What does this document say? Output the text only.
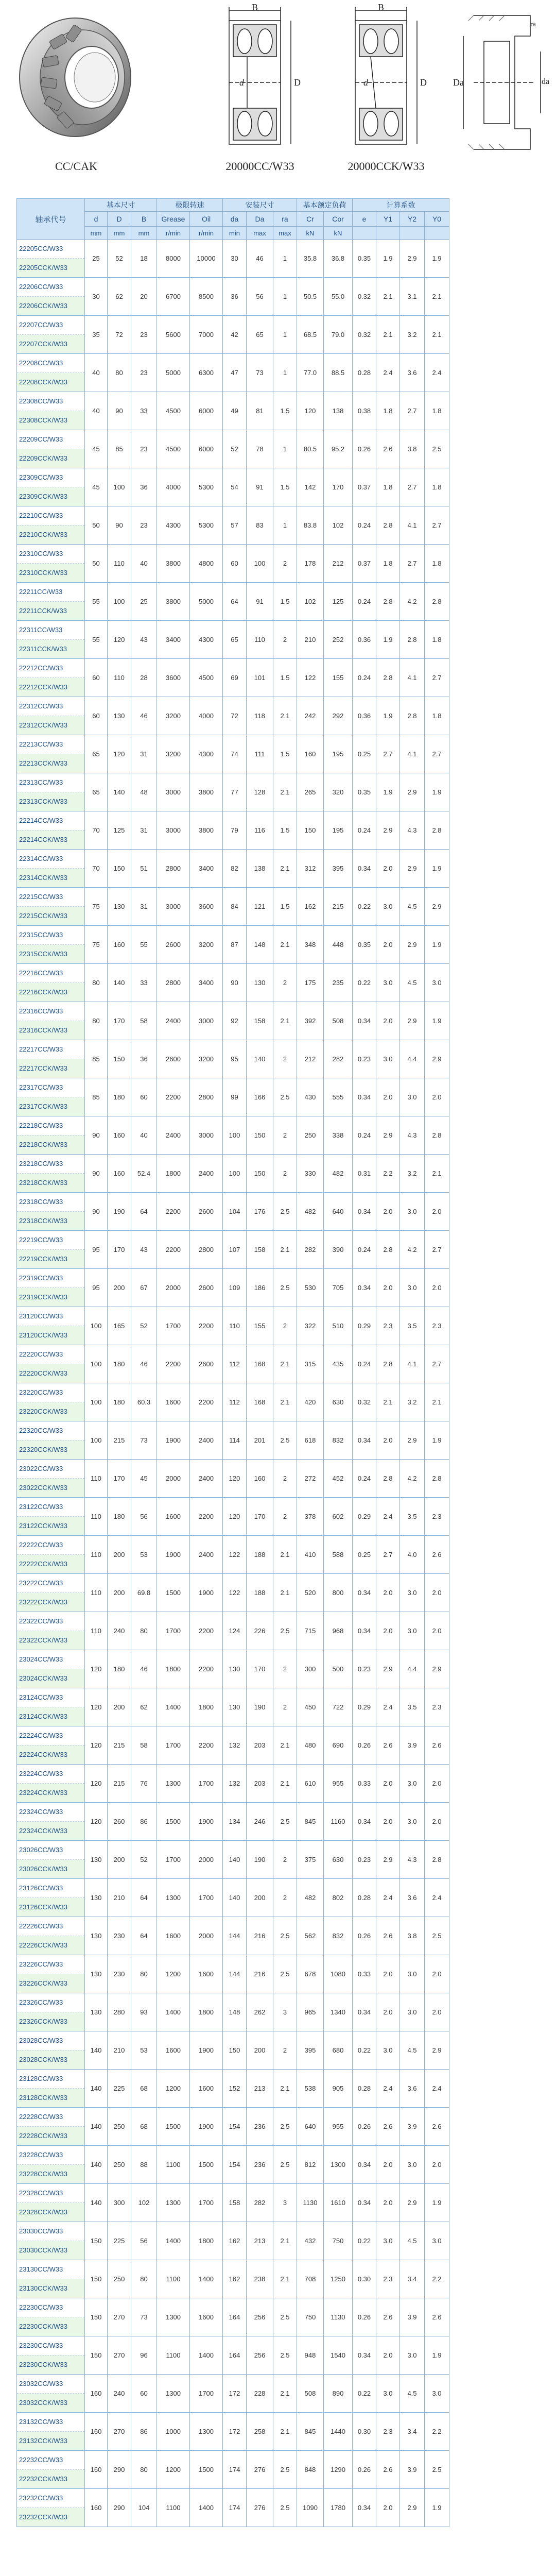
CC/CAK
B
d	D
20000CC/W33
B
d	D
20000CCK/W33
Da	da
ra
轴承代号	基本尺寸			极限转速		安装尺寸			基本额定负荷		计算系数			
	d	D	B	Grease	Oil	da	Da	ra	Cr	Cor	e	Y1	Y2	Y0
	mm	mm	mm	r/min	r/min	min	max	max	kN	kN				

22205CC/W33
22205CCK/W33	25	52	18	8000	10000	30	46	1	35.8	36.8	0.35	1.9	2.9	1.9

22206CC/W33
22206CCK/W33	30	62	20	6700	8500	36	56	1	50.5	55.0	0.32	2.1	3.1	2.1

22207CC/W33
22207CCK/W33	35	72	23	5600	7000	42	65	1	68.5	79.0	0.32	2.1	3.2	2.1

22208CC/W33
22208CCK/W33	40	80	23	5000	6300	47	73	1	77.0	88.5	0.28	2.4	3.6	2.4

22308CC/W33
22308CCK/W33	40	90	33	4500	6000	49	81	1.5	120	138	0.38	1.8	2.7	1.8

22209CC/W33
22209CCK/W33	45	85	23	4500	6000	52	78	1	80.5	95.2	0.26	2.6	3.8	2.5

22309CC/W33
22309CCK/W33	45	100	36	4000	5300	54	91	1.5	142	170	0.37	1.8	2.7	1.8

22210CC/W33
22210CCK/W33	50	90	23	4300	5300	57	83	1	83.8	102	0.24	2.8	4.1	2.7

22310CC/W33
22310CCK/W33	50	110	40	3800	4800	60	100	2	178	212	0.37	1.8	2.7	1.8

22211CC/W33
22211CCK/W33	55	100	25	3800	5000	64	91	1.5	102	125	0.24	2.8	4.2	2.8

22311CC/W33
22311CCK/W33	55	120	43	3400	4300	65	110	2	210	252	0.36	1.9	2.8	1.8

22212CC/W33
22212CCK/W33	60	110	28	3600	4500	69	101	1.5	122	155	0.24	2.8	4.1	2.7

22312CC/W33
22312CCK/W33	60	130	46	3200	4000	72	118	2.1	242	292	0.36	1.9	2.8	1.8

22213CC/W33
22213CCK/W33	65	120	31	3200	4300	74	111	1.5	160	195	0.25	2.7	4.1	2.7

22313CC/W33
22313CCK/W33	65	140	48	3000	3800	77	128	2.1	265	320	0.35	1.9	2.9	1.9

22214CC/W33
22214CCK/W33	70	125	31	3000	3800	79	116	1.5	150	195	0.24	2.9	4.3	2.8

22314CC/W33
22314CCK/W33	70	150	51	2800	3400	82	138	2.1	312	395	0.34	2.0	2.9	1.9

22215CC/W33
22215CCK/W33	75	130	31	3000	3600	84	121	1.5	162	215	0.22	3.0	4.5	2.9

22315CC/W33
22315CCK/W33	75	160	55	2600	3200	87	148	2.1	348	448	0.35	2.0	2.9	1.9

22216CC/W33
22216CCK/W33	80	140	33	2800	3400	90	130	2	175	235	0.22	3.0	4.5	3.0

22316CC/W33
22316CCK/W33	80	170	58	2400	3000	92	158	2.1	392	508	0.34	2.0	2.9	1.9

22217CC/W33
22217CCK/W33	85	150	36	2600	3200	95	140	2	212	282	0.23	3.0	4.4	2.9

22317CC/W33
22317CCK/W33	85	180	60	2200	2800	99	166	2.5	430	555	0.34	2.0	3.0	2.0

22218CC/W33
22218CCK/W33	90	160	40	2400	3000	100	150	2	250	338	0.24	2.9	4.3	2.8

23218CC/W33
23218CCK/W33	90	160	52.4	1800	2400	100	150	2	330	482	0.31	2.2	3.2	2.1

22318CC/W33
22318CCK/W33	90	190	64	2200	2600	104	176	2.5	482	640	0.34	2.0	3.0	2.0

22219CC/W33
22219CCK/W33	95	170	43	2200	2800	107	158	2.1	282	390	0.24	2.8	4.2	2.7

22319CC/W33
22319CCK/W33	95	200	67	2000	2600	109	186	2.5	530	705	0.34	2.0	3.0	2.0

23120CC/W33
23120CCK/W33	100	165	52	1700	2200	110	155	2	322	510	0.29	2.3	3.5	2.3

22220CC/W33
22220CCK/W33	100	180	46	2200	2600	112	168	2.1	315	435	0.24	2.8	4.1	2.7

23220CC/W33
23220CCK/W33	100	180	60.3	1600	2200	112	168	2.1	420	630	0.32	2.1	3.2	2.1

22320CC/W33
22320CCK/W33	100	215	73	1900	2400	114	201	2.5	618	832	0.34	2.0	2.9	1.9

23022CC/W33
23022CCK/W33	110	170	45	2000	2400	120	160	2	272	452	0.24	2.8	4.2	2.8

23122CC/W33
23122CCK/W33	110	180	56	1600	2200	120	170	2	378	602	0.29	2.4	3.5	2.3

22222CC/W33
22222CCK/W33	110	200	53	1900	2400	122	188	2.1	410	588	0.25	2.7	4.0	2.6

23222CC/W33
23222CCK/W33	110	200	69.8	1500	1900	122	188	2.1	520	800	0.34	2.0	3.0	2.0

22322CC/W33
22322CCK/W33	110	240	80	1700	2200	124	226	2.5	715	968	0.34	2.0	3.0	2.0

23024CC/W33
23024CCK/W33	120	180	46	1800	2200	130	170	2	300	500	0.23	2.9	4.4	2.9

23124CC/W33
23124CCK/W33	120	200	62	1400	1800	130	190	2	450	722	0.29	2.4	3.5	2.3

22224CC/W33
22224CCK/W33	120	215	58	1700	2200	132	203	2.1	480	690	0.26	2.6	3.9	2.6

23224CC/W33
23224CCK/W33	120	215	76	1300	1700	132	203	2.1	610	955	0.33	2.0	3.0	2.0

22324CC/W33
22324CCK/W33	120	260	86	1500	1900	134	246	2.5	845	1160	0.34	2.0	3.0	2.0

23026CC/W33
23026CCK/W33	130	200	52	1700	2000	140	190	2	375	630	0.23	2.9	4.3	2.8

23126CC/W33
23126CCK/W33	130	210	64	1300	1700	140	200	2	482	802	0.28	2.4	3.6	2.4

22226CC/W33
22226CCK/W33	130	230	64	1600	2000	144	216	2.5	562	832	0.26	2.6	3.8	2.5

23226CC/W33
23226CCK/W33	130	230	80	1200	1600	144	216	2.5	678	1080	0.33	2.0	3.0	2.0

22326CC/W33
22326CCK/W33	130	280	93	1400	1800	148	262	3	965	1340	0.34	2.0	3.0	2.0

23028CC/W33
23028CCK/W33	140	210	53	1600	1900	150	200	2	395	680	0.22	3.0	4.5	2.9

23128CC/W33
23128CCK/W33	140	225	68	1200	1600	152	213	2.1	538	905	0.28	2.4	3.6	2.4

22228CC/W33
22228CCK/W33	140	250	68	1500	1900	154	236	2.5	640	955	0.26	2.6	3.9	2.6

23228CC/W33
23228CCK/W33	140	250	88	1100	1500	154	236	2.5	812	1300	0.34	2.0	3.0	2.0

22328CC/W33
22328CCK/W33	140	300	102	1300	1700	158	282	3	1130	1610	0.34	2.0	2.9	1.9

23030CC/W33
23030CCK/W33	150	225	56	1400	1800	162	213	2.1	432	750	0.22	3.0	4.5	3.0

23130CC/W33
23130CCK/W33	150	250	80	1100	1400	162	238	2.1	708	1250	0.30	2.3	3.4	2.2

22230CC/W33
22230CCK/W33	150	270	73	1300	1600	164	256	2.5	750	1130	0.26	2.6	3.9	2.6

23230CC/W33
23230CCK/W33	150	270	96	1100	1400	164	256	2.5	948	1540	0.34	2.0	3.0	1.9

23032CC/W33
23032CCK/W33	160	240	60	1300	1700	172	228	2.1	508	890	0.22	3.0	4.5	3.0

23132CC/W33
23132CCK/W33	160	270	86	1000	1300	172	258	2.1	845	1440	0.30	2.3	3.4	2.2

22232CC/W33
22232CCK/W33	160	290	80	1200	1500	174	276	2.5	848	1290	0.26	2.6	3.9	2.5

23232CC/W33
23232CCK/W33	160	290	104	1100	1400	174	276	2.5	1090	1780	0.34	2.0	2.9	1.9
